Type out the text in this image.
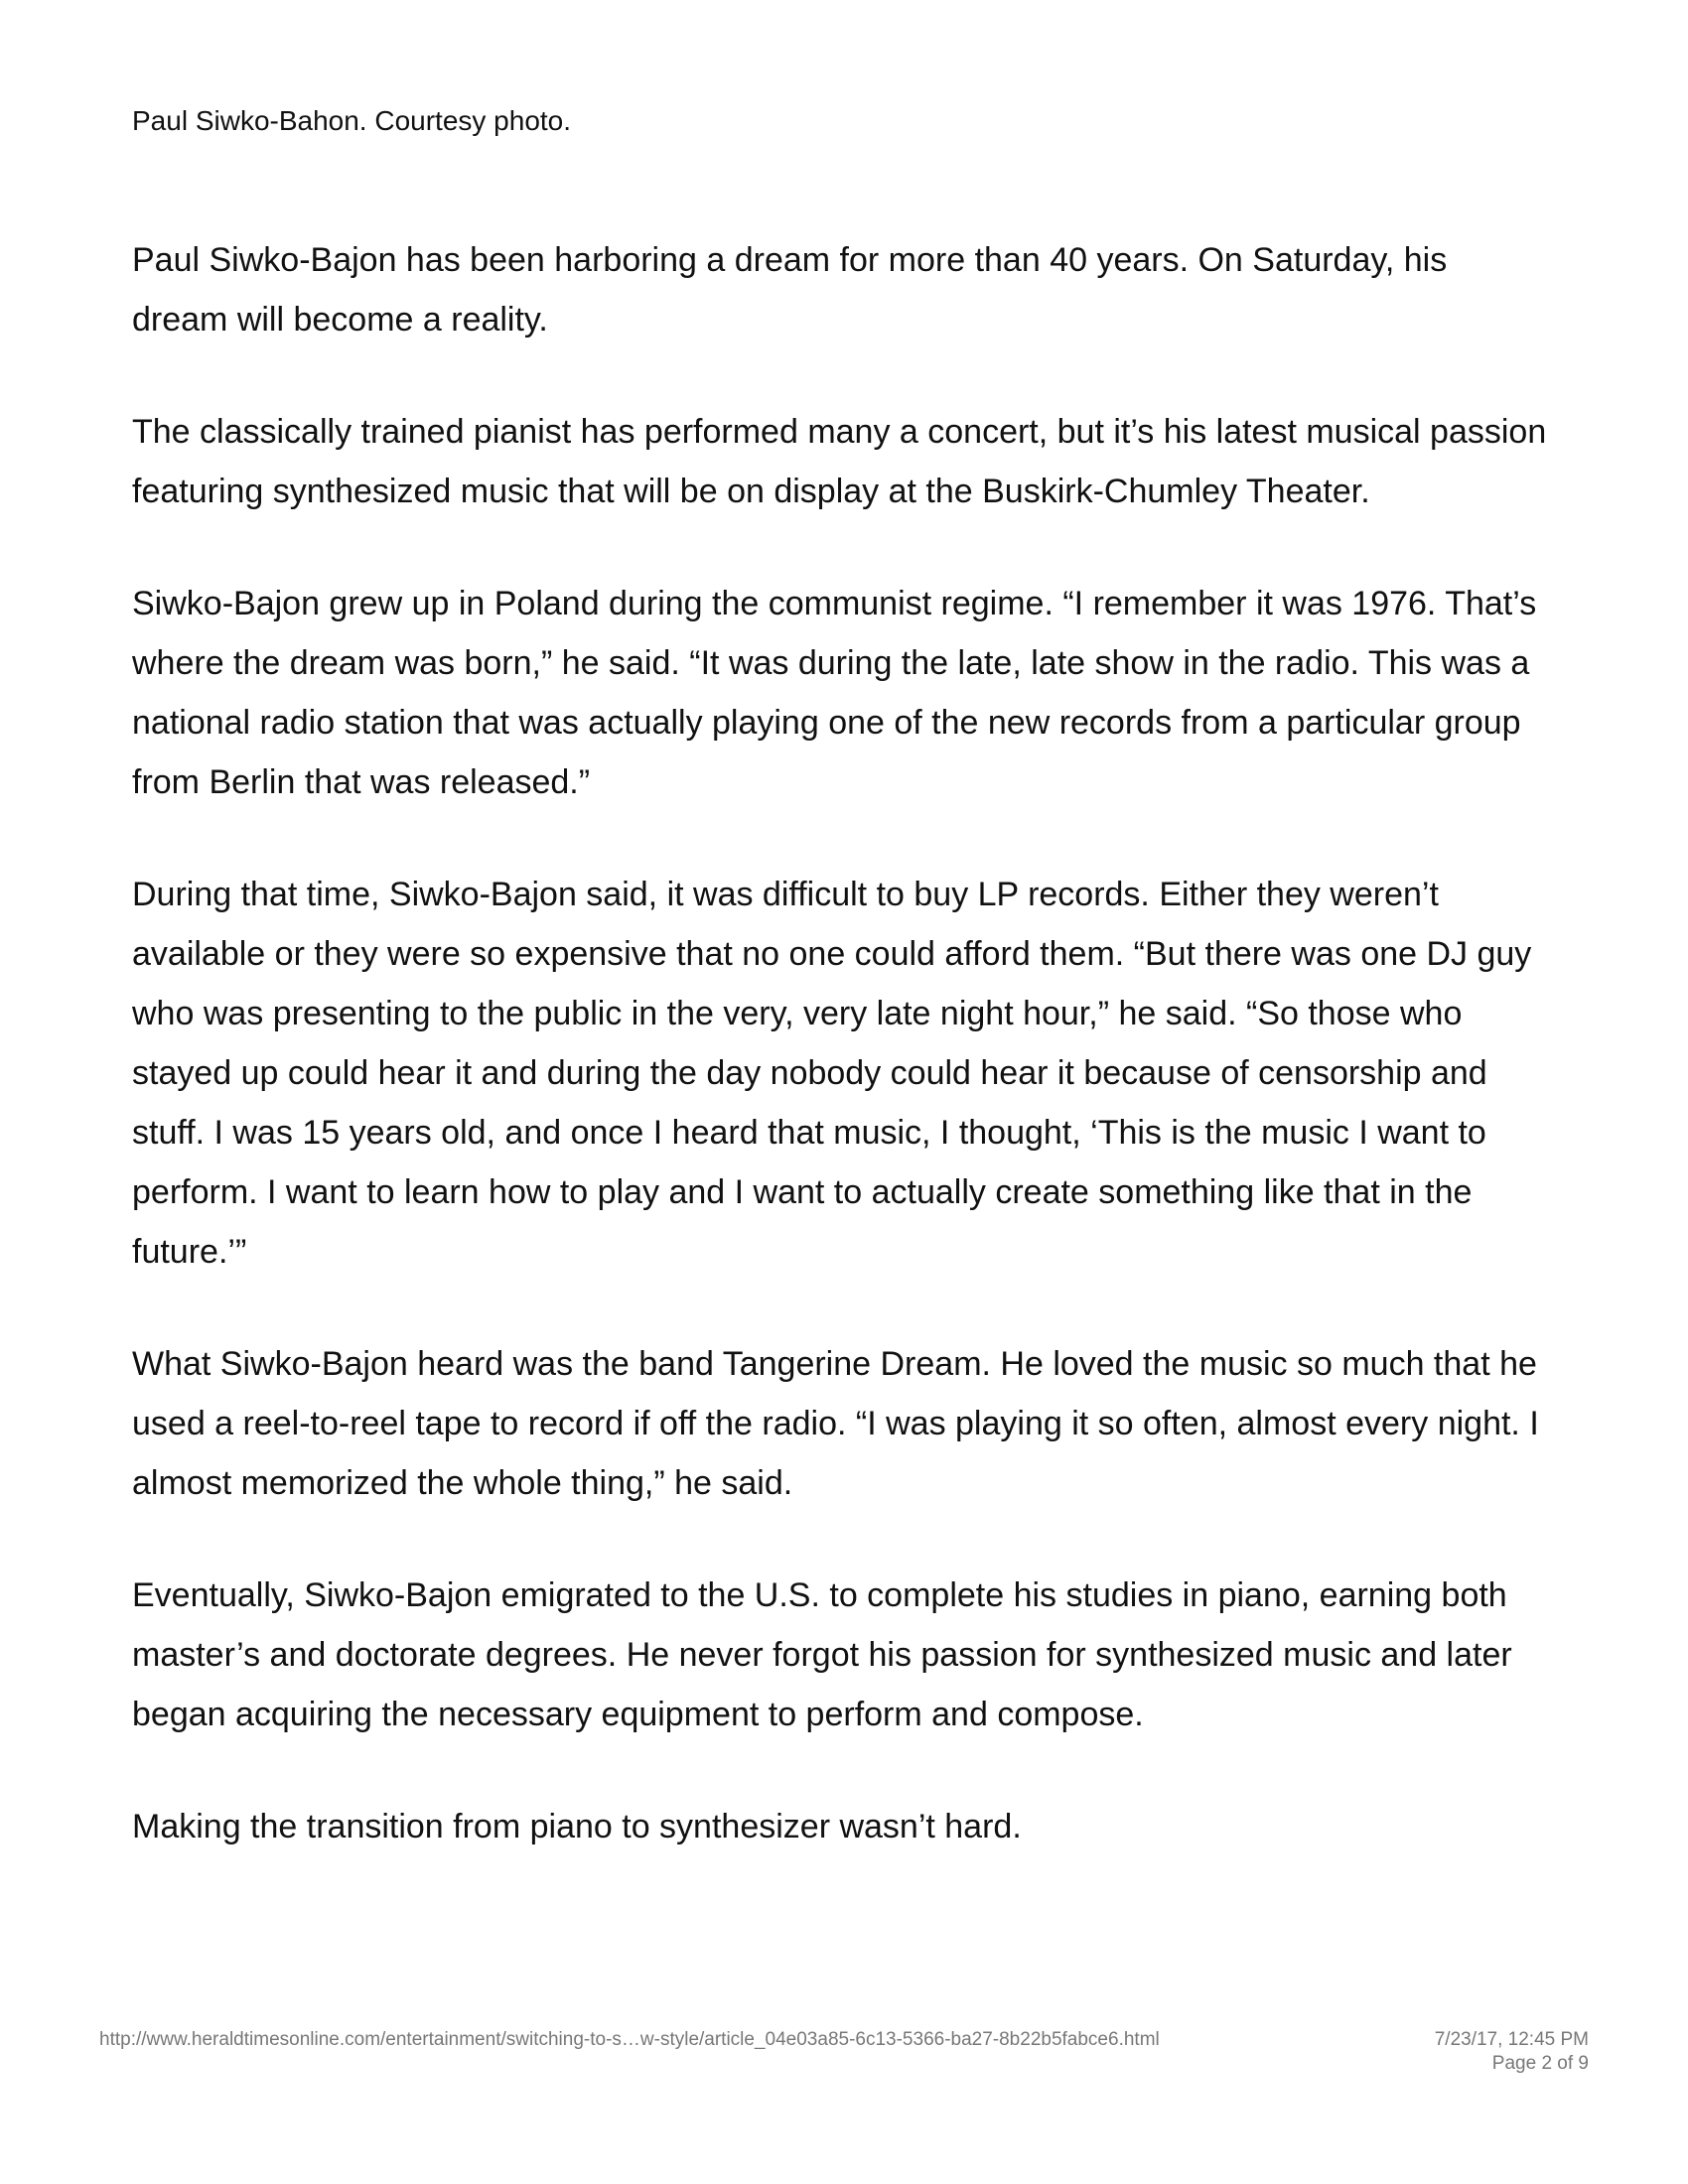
Paul Siwko-Bahon. Courtesy photo.

Paul Siwko-Bajon has been harboring a dream for more than 40 years. On Saturday, his dream will become a reality.

The classically trained pianist has performed many a concert, but it’s his latest musical passion featuring synthesized music that will be on display at the Buskirk-Chumley Theater.

Siwko-Bajon grew up in Poland during the communist regime. “I remember it was 1976. That’s where the dream was born,” he said. “It was during the late, late show in the radio. This was a national radio station that was actually playing one of the new records from a particular group from Berlin that was released.”

During that time, Siwko-Bajon said, it was difficult to buy LP records. Either they weren’t available or they were so expensive that no one could afford them. “But there was one DJ guy who was presenting to the public in the very, very late night hour,” he said. “So those who stayed up could hear it and during the day nobody could hear it because of censorship and stuff. I was 15 years old, and once I heard that music, I thought, ‘This is the music I want to perform. I want to learn how to play and I want to actually create something like that in the future.’”

What Siwko-Bajon heard was the band Tangerine Dream. He loved the music so much that he used a reel-to-reel tape to record if off the radio. “I was playing it so often, almost every night. I almost memorized the whole thing,” he said.

Eventually, Siwko-Bajon emigrated to the U.S. to complete his studies in piano, earning both master’s and doctorate degrees. He never forgot his passion for synthesized music and later began acquiring the necessary equipment to perform and compose.

Making the transition from piano to synthesizer wasn’t hard.

http://www.heraldtimesonline.com/entertainment/switching-to-s…w-style/article_04e03a85-6c13-5366-ba27-8b22b5fabce6.html	7/23/17, 12:45 PM
Page 2 of 9
